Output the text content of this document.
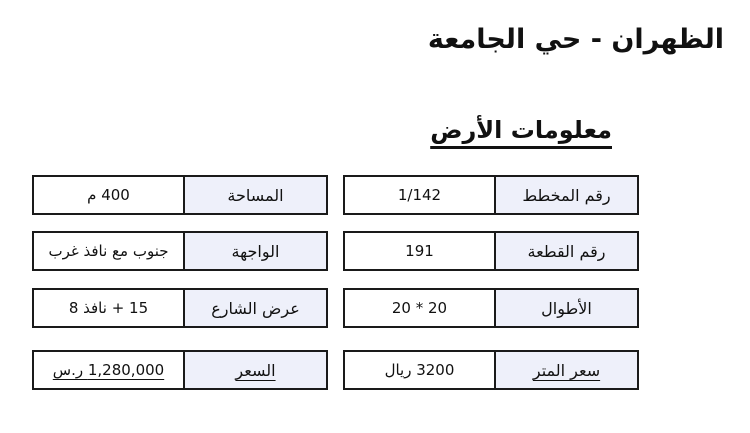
الظهران - حي الجامعة
معلومات الأرض
1/142	رقم المخطط
400 م	المساحة
191	رقم القطعة
جنوب مع نافذ غرب	الواجهة
20 * 20	الأطوال
15 + نافذ 8	عرض الشارع
3200 ريال	سعر المتر
1,280,000 ر.س	السعر
